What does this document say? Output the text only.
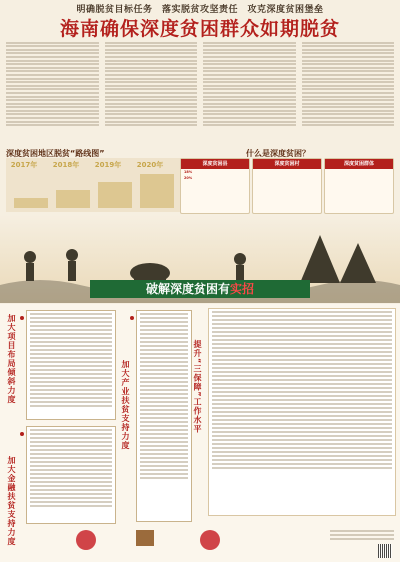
明确脱贫目标任务　落实脱贫攻坚责任　攻克深度贫困堡垒
海南确保深度贫困群众如期脱贫
深度贫困地区脱贫“路线图”	什么是深度贫困？
2017年 2018年 2019年 2020年	深度贫困县
18%
20%
深度贫困村	深度贫困群体
破解深度贫困有实招
加大项目布局倾斜力度
加大金融扶贫支持力度
加大产业扶贫支持力度	提升“三保障”工作水平
